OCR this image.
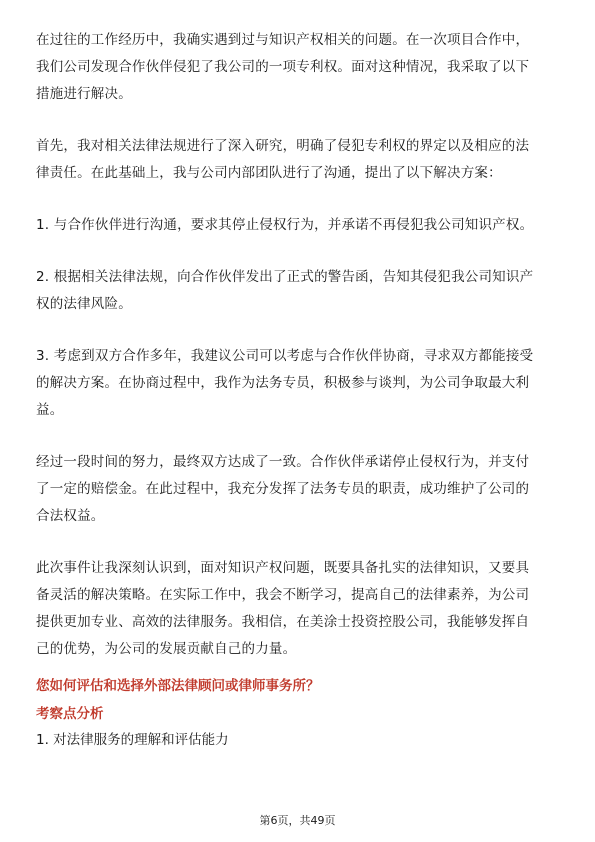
在过往的工作经历中，我确实遇到过与知识产权相关的问题。在一次项目合作中，
我们公司发现合作伙伴侵犯了我公司的一项专利权。面对这种情况，我采取了以下
措施进行解决。
首先，我对相关法律法规进行了深入研究，明确了侵犯专利权的界定以及相应的法
律责任。在此基础上，我与公司内部团队进行了沟通，提出了以下解决方案：
1. 与合作伙伴进行沟通，要求其停止侵权行为，并承诺不再侵犯我公司知识产权。
2. 根据相关法律法规，向合作伙伴发出了正式的警告函，告知其侵犯我公司知识产
权的法律风险。
3. 考虑到双方合作多年，我建议公司可以考虑与合作伙伴协商，寻求双方都能接受
的解决方案。在协商过程中，我作为法务专员，积极参与谈判，为公司争取最大利
益。
经过一段时间的努力，最终双方达成了一致。合作伙伴承诺停止侵权行为，并支付
了一定的赔偿金。在此过程中，我充分发挥了法务专员的职责，成功维护了公司的
合法权益。
此次事件让我深刻认识到，面对知识产权问题，既要具备扎实的法律知识，又要具
备灵活的解决策略。在实际工作中，我会不断学习，提高自己的法律素养，为公司
提供更加专业、高效的法律服务。我相信，在美涂士投资控股公司，我能够发挥自
己的优势，为公司的发展贡献自己的力量。
您如何评估和选择外部法律顾问或律师事务所？
考察点分析
1. 对法律服务的理解和评估能力
第6页，共49页
